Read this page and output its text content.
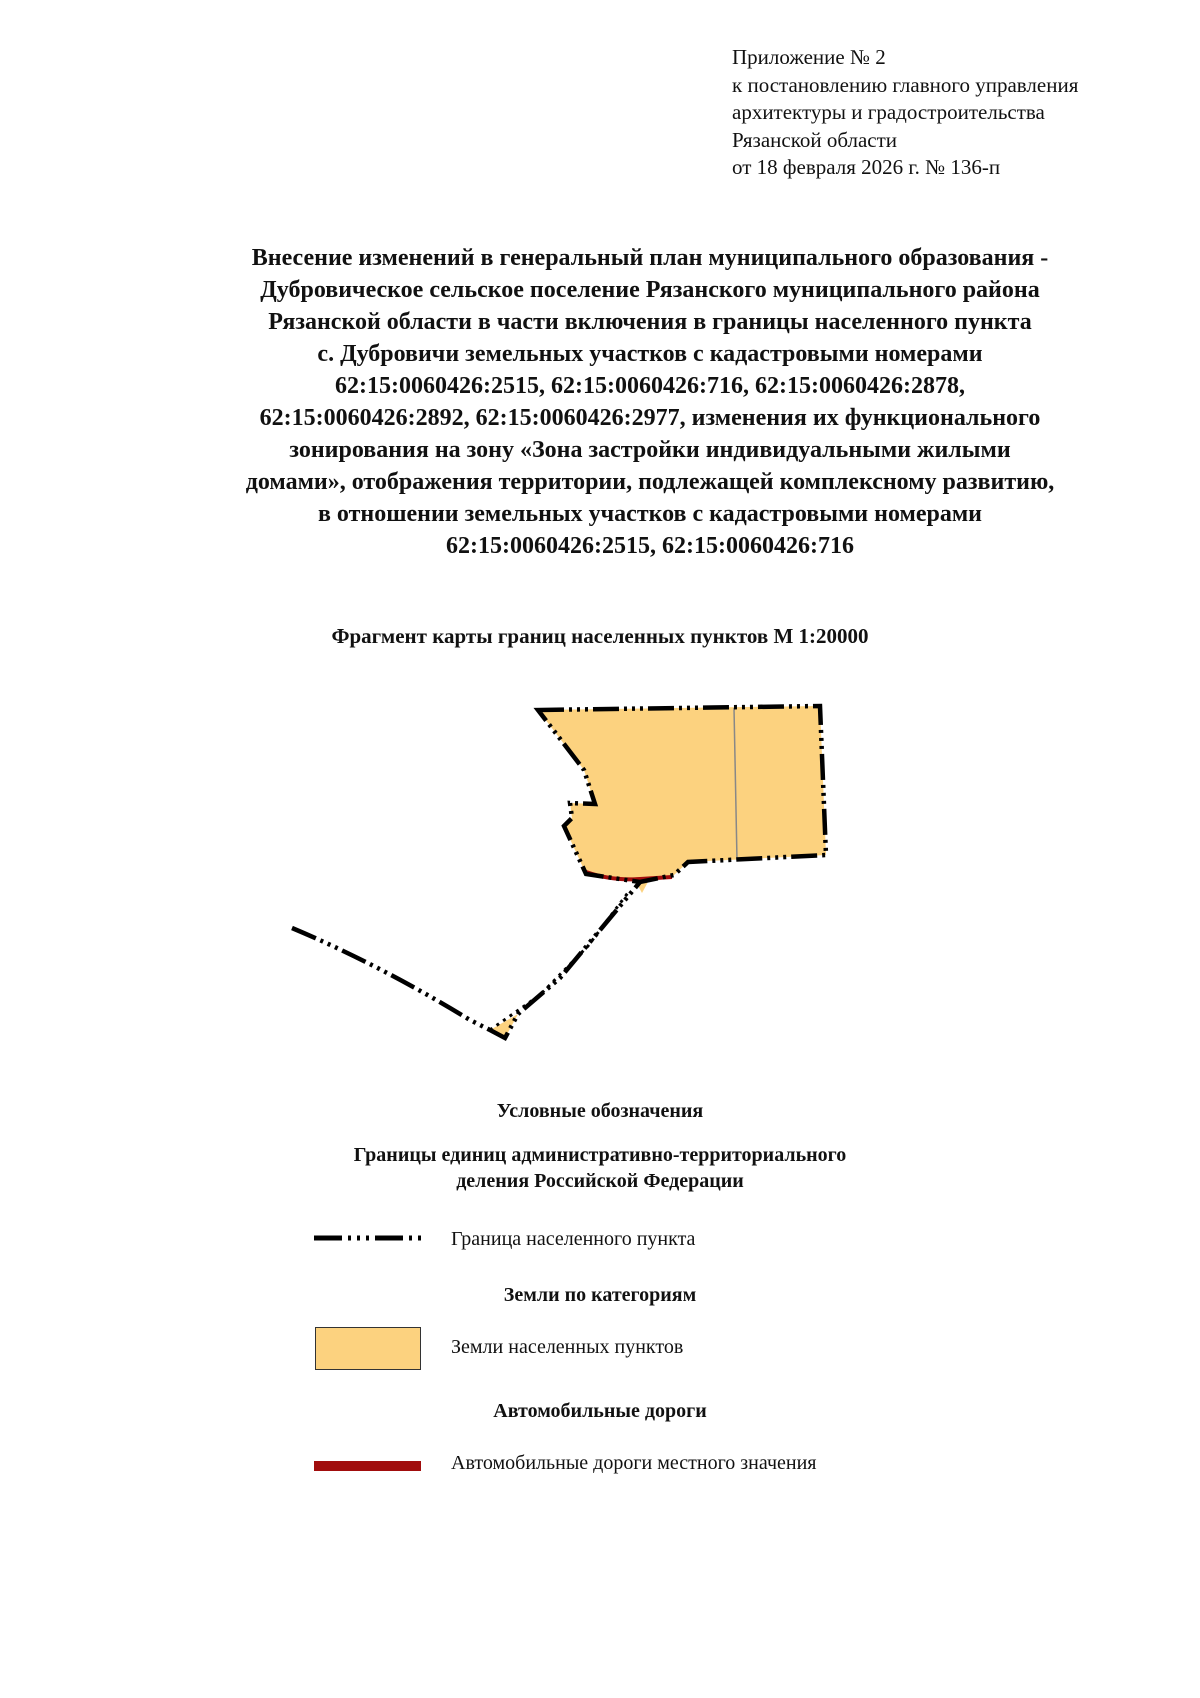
Приложение № 2
к постановлению главного управления
архитектуры и градостроительства
Рязанской области
от 18 февраля 2026 г. № 136-п
Внесение изменений в генеральный план муниципального образования -
Дубровическое сельское поселение Рязанского муниципального района
Рязанской области в части включения в границы населенного пункта
с. Дубровичи земельных участков с кадастровыми номерами
62:15:0060426:2515, 62:15:0060426:716, 62:15:0060426:2878,
62:15:0060426:2892, 62:15:0060426:2977, изменения их функционального
зонирования на зону «Зона застройки индивидуальными жилыми
домами», отображения территории, подлежащей комплексному развитию,
в отношении земельных участков с кадастровыми номерами
62:15:0060426:2515, 62:15:0060426:716
Фрагмент карты границ населенных пунктов М 1:20000
Условные обозначения
Границы единиц административно-территориального
деления Российской Федерации
Граница населенного пункта
Земли по категориям
Земли населенных пунктов
Автомобильные дороги
Автомобильные дороги местного значения
